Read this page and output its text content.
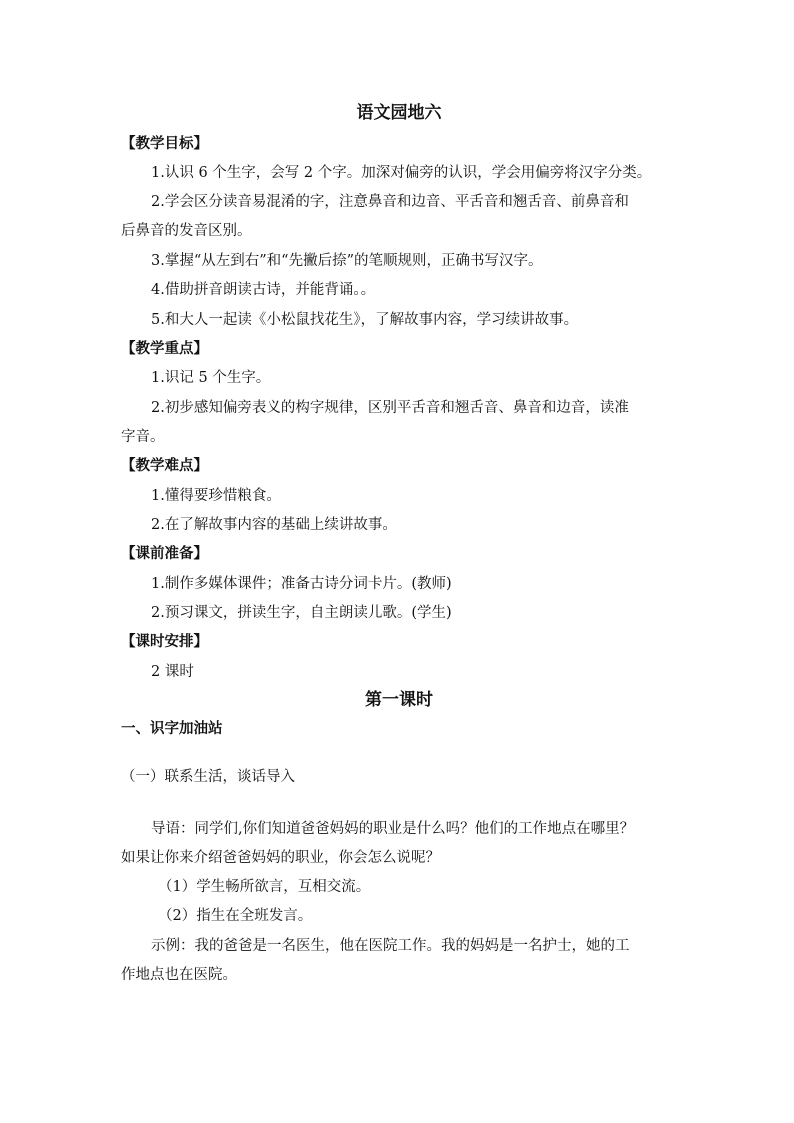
语文园地六
【教学目标】
1.认识 6 个生字，会写 2 个字。加深对偏旁的认识，学会用偏旁将汉字分类。
2.学会区分读音易混淆的字，注意鼻音和边音、平舌音和翘舌音、前鼻音和
后鼻音的发音区别。
3.掌握“从左到右”和“先撇后捺”的笔顺规则，正确书写汉字。
4.借助拼音朗读古诗，并能背诵。。
5.和大人一起读《小松鼠找花生》，了解故事内容，学习续讲故事。
【教学重点】
1.识记 5 个生字。
2.初步感知偏旁表义的构字规律，区别平舌音和翘舌音、鼻音和边音，读准
字音。
【教学难点】
1.懂得要珍惜粮食。
2.在了解故事内容的基础上续讲故事。
【课前准备】
1.制作多媒体课件；准备古诗分词卡片。(教师)
2.预习课文，拼读生字，自主朗读儿歌。(学生)
【课时安排】
2 课时
第一课时
一、识字加油站
（一）联系生活，谈话导入
导语：同学们,你们知道爸爸妈妈的职业是什么吗？他们的工作地点在哪里？
如果让你来介绍爸爸妈妈的职业，你会怎么说呢？
（1）学生畅所欲言，互相交流。
（2）指生在全班发言。
示例：我的爸爸是一名医生，他在医院工作。我的妈妈是一名护士，她的工
作地点也在医院。
